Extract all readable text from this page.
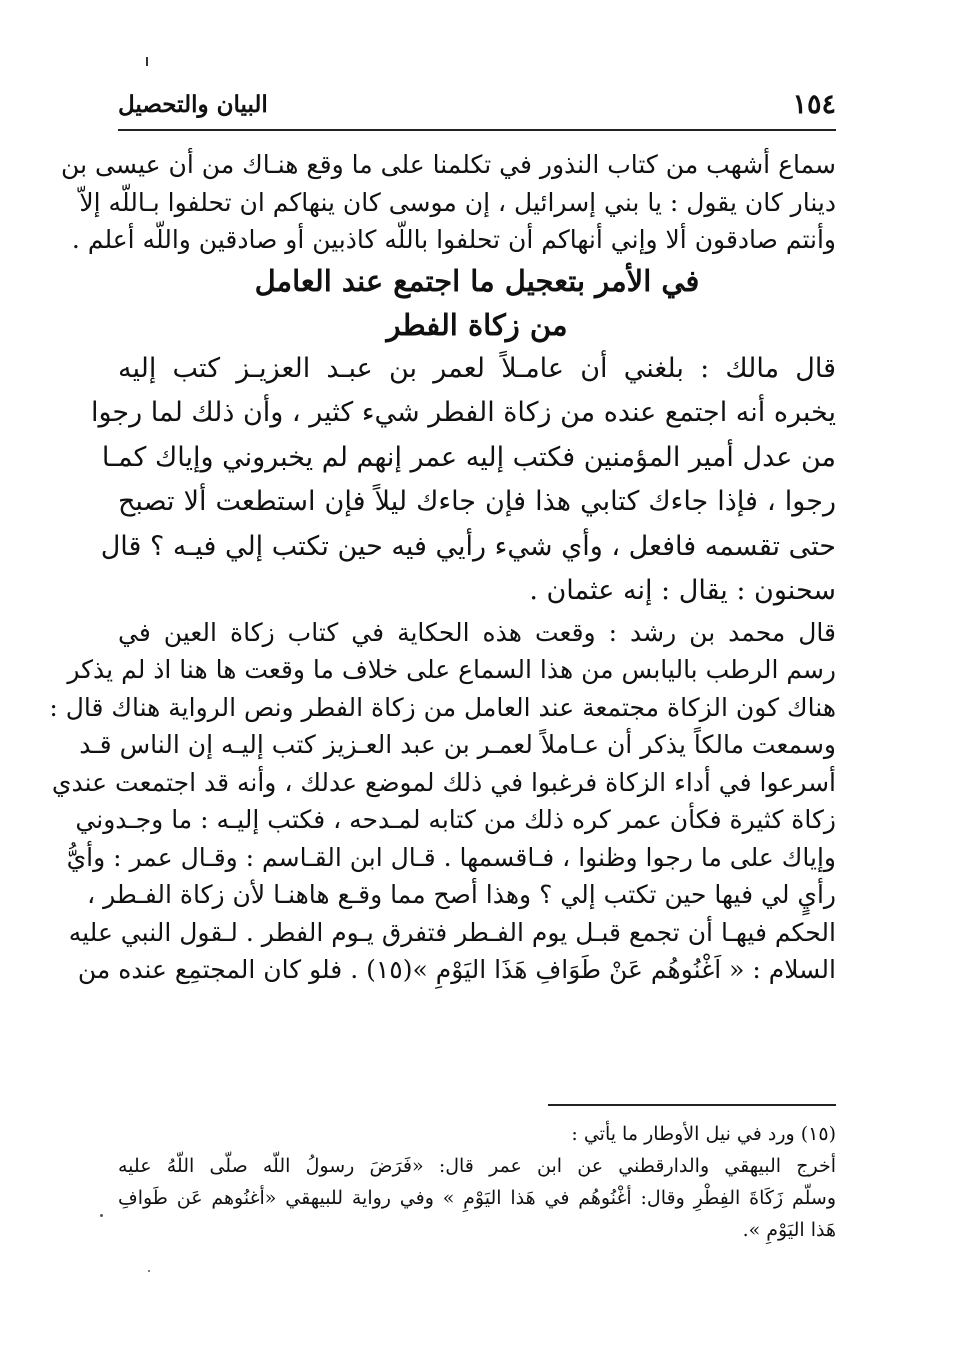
١٥٤
البيان والتحصيل
سماع أشهب من كتاب النذور في تكلمنا على ما وقع هنـاك من أن عيسى بن
دينار كان يقول : يا بني إسرائيل ، إن موسى كان ينهاكم ان تحلفوا بـاللّه إلاّ
وأنتم صادقون ألا وإني أنهاكم أن تحلفوا باللّه كاذبين أو صادقين واللّه أعلم .
في الأمر بتعجيل ما اجتمع عند العامل
من زكاة الفطر
قال مالك : بلغني أن عامـلاً لعمر بن عبـد العزيـز كتب إليه
يخبره أنه اجتمع عنده من زكاة الفطر شيء كثير ، وأن ذلك لما رجوا
من عدل أمير المؤمنين فكتب إليه عمر إنهم لم يخبروني وإياك كمـا
رجوا ، فإذا جاءك كتابي هذا فإن جاءك ليلاً فإن استطعت ألا تصبح
حتى تقسمه فافعل ، وأي شيء رأيي فيه حين تكتب إلي فيـه ؟ قال
سحنون : يقال : إنه عثمان .
قال محمد بن رشد : وقعت هذه الحكاية في كتاب زكاة العين في
رسم الرطب باليابس من هذا السماع على خلاف ما وقعت ها هنا اذ لم يذكر
هناك كون الزكاة مجتمعة عند العامل من زكاة الفطر ونص الرواية هناك قال :
وسمعت مالكاً يذكر أن عـاملاً لعمـر بن عبد العـزيز كتب إليـه إن الناس قـد
أسرعوا في أداء الزكاة فرغبوا في ذلك لموضع عدلك ، وأنه قد اجتمعت عندي
زكاة كثيرة فكأن عمر كره ذلك من كتابه لمـدحه ، فكتب إليـه : ما وجـدوني
وإياك على ما رجوا وظنوا ، فـاقسمها . قـال ابن القـاسم : وقـال عمر : وأيُّ
رأيٍ لي فيها حين تكتب إلي ؟ وهذا أصح مما وقـع هاهنـا لأن زكاة الفـطر ،
الحكم فيهـا أن تجمع قبـل يوم الفـطر فتفرق يـوم الفطر . لـقول النبي عليه
السلام : « اَغْنُوهُم عَنْ طَوَافِ هَذَا اليَوْمِ »(١٥) . فلو كان المجتمِع عنده من
(١٥) ورد في نيل الأوطار ما يأتي :
أخرج البيهقي والدارقطني عن ابن عمر قال: «فَرَضَ رسولُ اللّه صلّى اللّهُ عليه
وسلّم زَكَاةَ الفِطْرِ وقال: أغْنُوهُم في هَذا اليَوْمِ » وفي رواية للبيهقي «أغنُوهم عَن طَوافِ
هَذا اليَوْمِ ».
